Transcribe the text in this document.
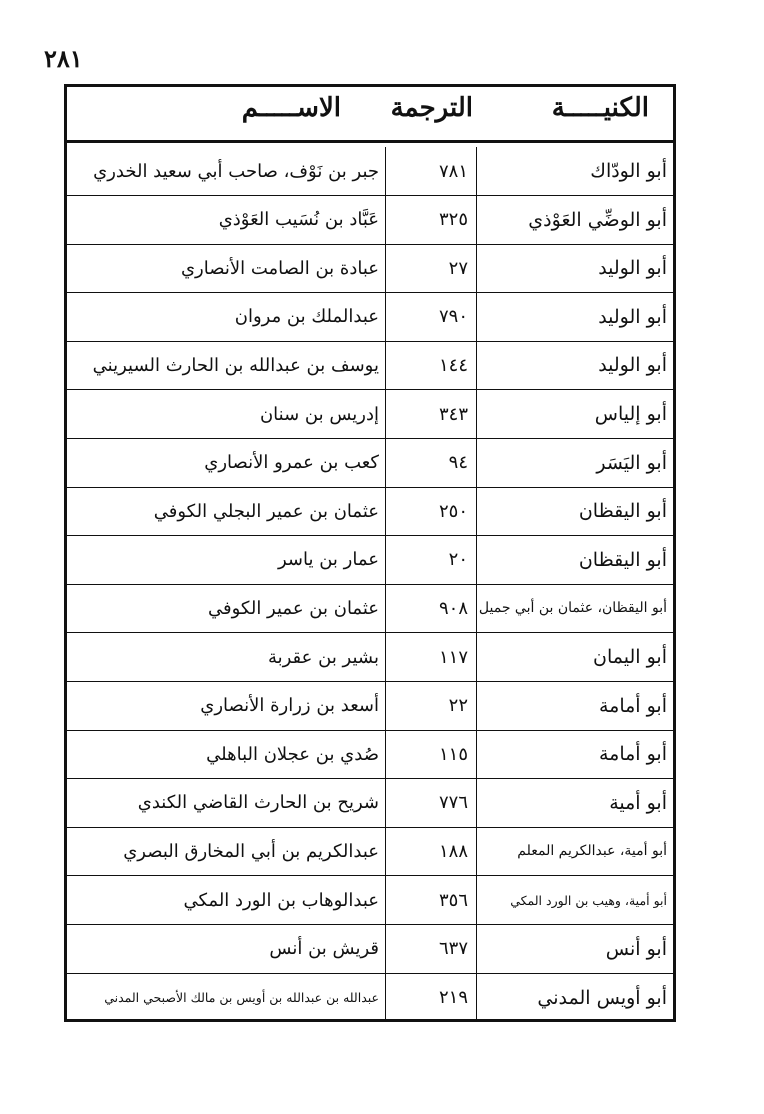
٢٨١
الكنيـــــة
الترجمة
الاســـــم
أبو الودّاك
٧٨١
جبر بن نَوْف، صاحب أبي سعيد الخدري
أبو الوضِّي العَوْذي
٣٢٥
عَبَّاد بن نُسَيب العَوْذي
أبو الوليد
٢٧
عبادة بن الصامت الأنصاري
أبو الوليد
٧٩٠
عبدالملك بن مروان
أبو الوليد
١٤٤
يوسف بن عبدالله بن الحارث السيريني
أبو إلياس
٣٤٣
إدريس بن سنان
أبو اليَسَر
٩٤
كعب بن عمرو الأنصاري
أبو اليقظان
٢٥٠
عثمان بن عمير البجلي الكوفي
أبو اليقظان
٢٠
عمار بن ياسر
أبو اليقظان، عثمان بن أبي جميل
٩٠٨
عثمان بن عمير الكوفي
أبو اليمان
١١٧
بشير بن عقربة
أبو أمامة
٢٢
أسعد بن زرارة الأنصاري
أبو أمامة
١١٥
صُدي بن عجلان الباهلي
أبو أمية
٧٧٦
شريح بن الحارث القاضي الكندي
أبو أمية، عبدالكريم المعلم
١٨٨
عبدالكريم بن أبي المخارق البصري
أبو أمية، وهيب بن الورد المكي
٣٥٦
عبدالوهاب بن الورد المكي
أبو أنس
٦٣٧
قريش بن أنس
أبو أويس المدني
٢١٩
عبدالله بن عبدالله بن أويس بن مالك الأصبحي المدني
